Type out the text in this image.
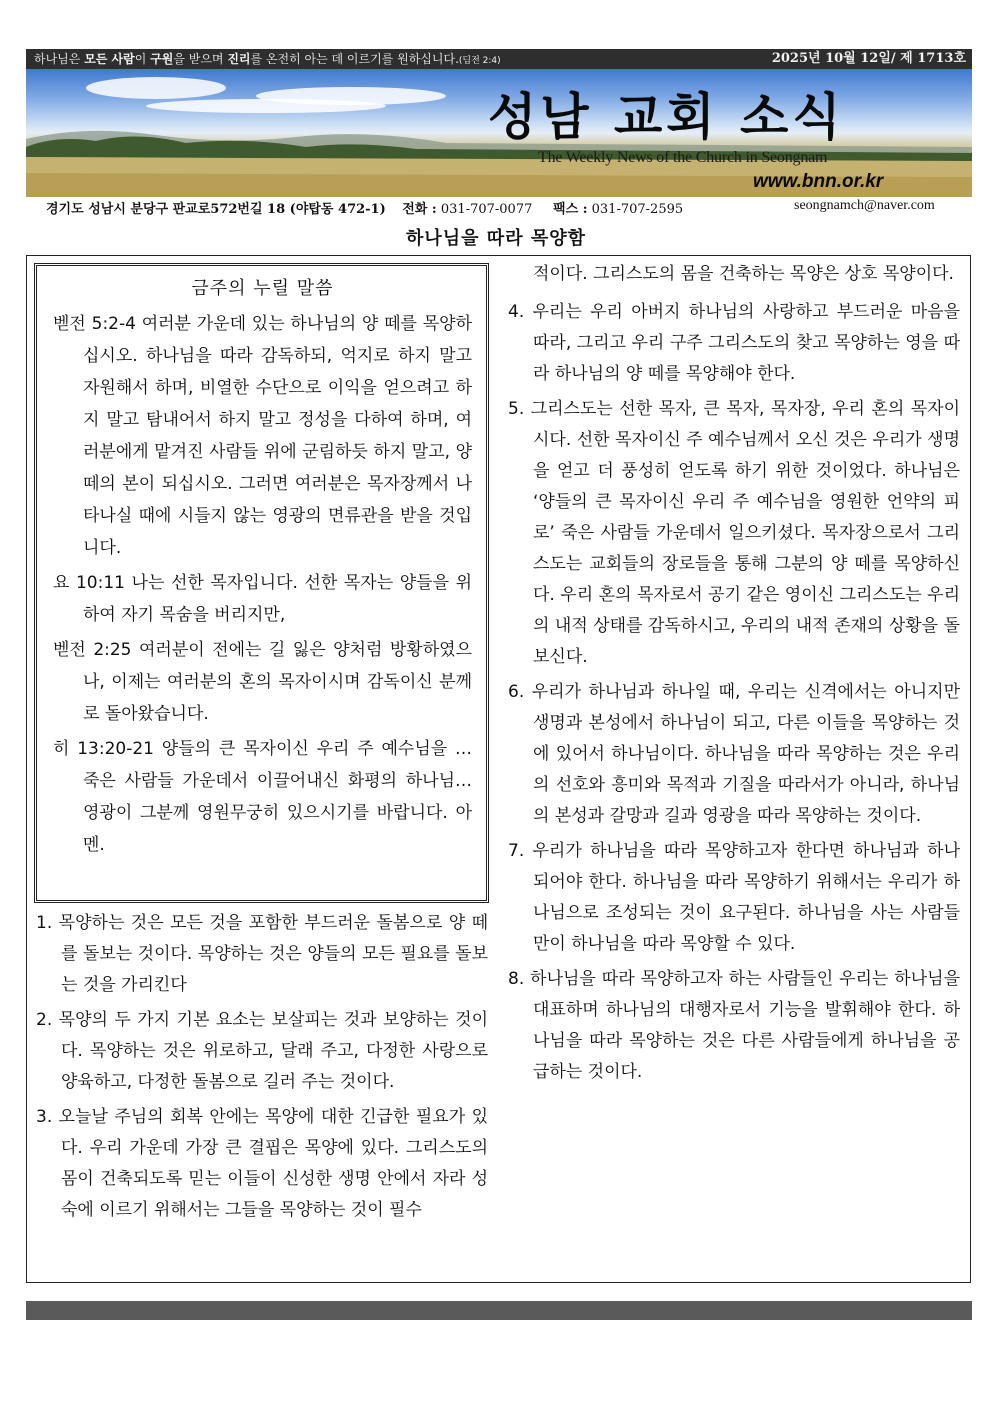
하나님은 모든 사람이 구원을 받으며 진리를 온전히 아는 데 이르기를 원하십니다.(딤전 2:4)	2025년 10월 12일/ 제 1713호
성남 교회 소식
The Weekly News of the Church in Seongnam
www.bnn.or.kr
경기도 성남시 분당구 판교로572번길 18 (야탑동 472-1) 전화 : 031-707-0077 팩스 : 031-707-2595	seongnamch@naver.com
하나님을 따라 목양함
금주의 누릴 말씀

벧전 5:2-4 여러분 가운데 있는 하나님의 양 떼를 목양하십시오. 하나님을 따라 감독하되, 억지로 하지 말고 자원해서 하며, 비열한 수단으로 이익을 얻으려고 하지 말고 탐내어서 하지 말고 정성을 다하여 하며, 여러분에게 맡겨진 사람들 위에 군림하듯 하지 말고, 양 떼의 본이 되십시오. 그러면 여러분은 목자장께서 나타나실 때에 시들지 않는 영광의 면류관을 받을 것입니다.

요 10:11 나는 선한 목자입니다. 선한 목자는 양들을 위하여 자기 목숨을 버리지만,

벧전 2:25 여러분이 전에는 길 잃은 양처럼 방황하였으나, 이제는 여러분의 혼의 목자이시며 감독이신 분께로 돌아왔습니다.

히 13:20-21 양들의 큰 목자이신 우리 주 예수님을 … 죽은 사람들 가운데서 이끌어내신 화평의 하나님… 영광이 그분께 영원무궁히 있으시기를 바랍니다. 아멘.

1. 목양하는 것은 모든 것을 포함한 부드러운 돌봄으로 양 떼를 돌보는 것이다. 목양하는 것은 양들의 모든 필요를 돌보는 것을 가리킨다

2. 목양의 두 가지 기본 요소는 보살피는 것과 보양하는 것이다. 목양하는 것은 위로하고, 달래 주고, 다정한 사랑으로 양육하고, 다정한 돌봄으로 길러 주는 것이다.

3. 오늘날 주님의 회복 안에는 목양에 대한 긴급한 필요가 있다. 우리 가운데 가장 큰 결핍은 목양에 있다. 그리스도의 몸이 건축되도록 믿는 이들이 신성한 생명 안에서 자라 성숙에 이르기 위해서는 그들을 목양하는 것이 필수

적이다. 그리스도의 몸을 건축하는 목양은 상호 목양이다.

4. 우리는 우리 아버지 하나님의 사랑하고 부드러운 마음을 따라, 그리고 우리 구주 그리스도의 찾고 목양하는 영을 따라 하나님의 양 떼를 목양해야 한다.

5. 그리스도는 선한 목자, 큰 목자, 목자장, 우리 혼의 목자이시다. 선한 목자이신 주 예수님께서 오신 것은 우리가 생명을 얻고 더 풍성히 얻도록 하기 위한 것이었다. 하나님은 ‘양들의 큰 목자이신 우리 주 예수님을 영원한 언약의 피로’ 죽은 사람들 가운데서 일으키셨다. 목자장으로서 그리스도는 교회들의 장로들을 통해 그분의 양 떼를 목양하신다. 우리 혼의 목자로서 공기 같은 영이신 그리스도는 우리의 내적 상태를 감독하시고, 우리의 내적 존재의 상황을 돌보신다.

6. 우리가 하나님과 하나일 때, 우리는 신격에서는 아니지만 생명과 본성에서 하나님이 되고, 다른 이들을 목양하는 것에 있어서 하나님이다. 하나님을 따라 목양하는 것은 우리의 선호와 흥미와 목적과 기질을 따라서가 아니라, 하나님의 본성과 갈망과 길과 영광을 따라 목양하는 것이다.

7. 우리가 하나님을 따라 목양하고자 한다면 하나님과 하나 되어야 한다. 하나님을 따라 목양하기 위해서는 우리가 하나님으로 조성되는 것이 요구된다. 하나님을 사는 사람들만이 하나님을 따라 목양할 수 있다.

8. 하나님을 따라 목양하고자 하는 사람들인 우리는 하나님을 대표하며 하나님의 대행자로서 기능을 발휘해야 한다. 하나님을 따라 목양하는 것은 다른 사람들에게 하나님을 공급하는 것이다.
